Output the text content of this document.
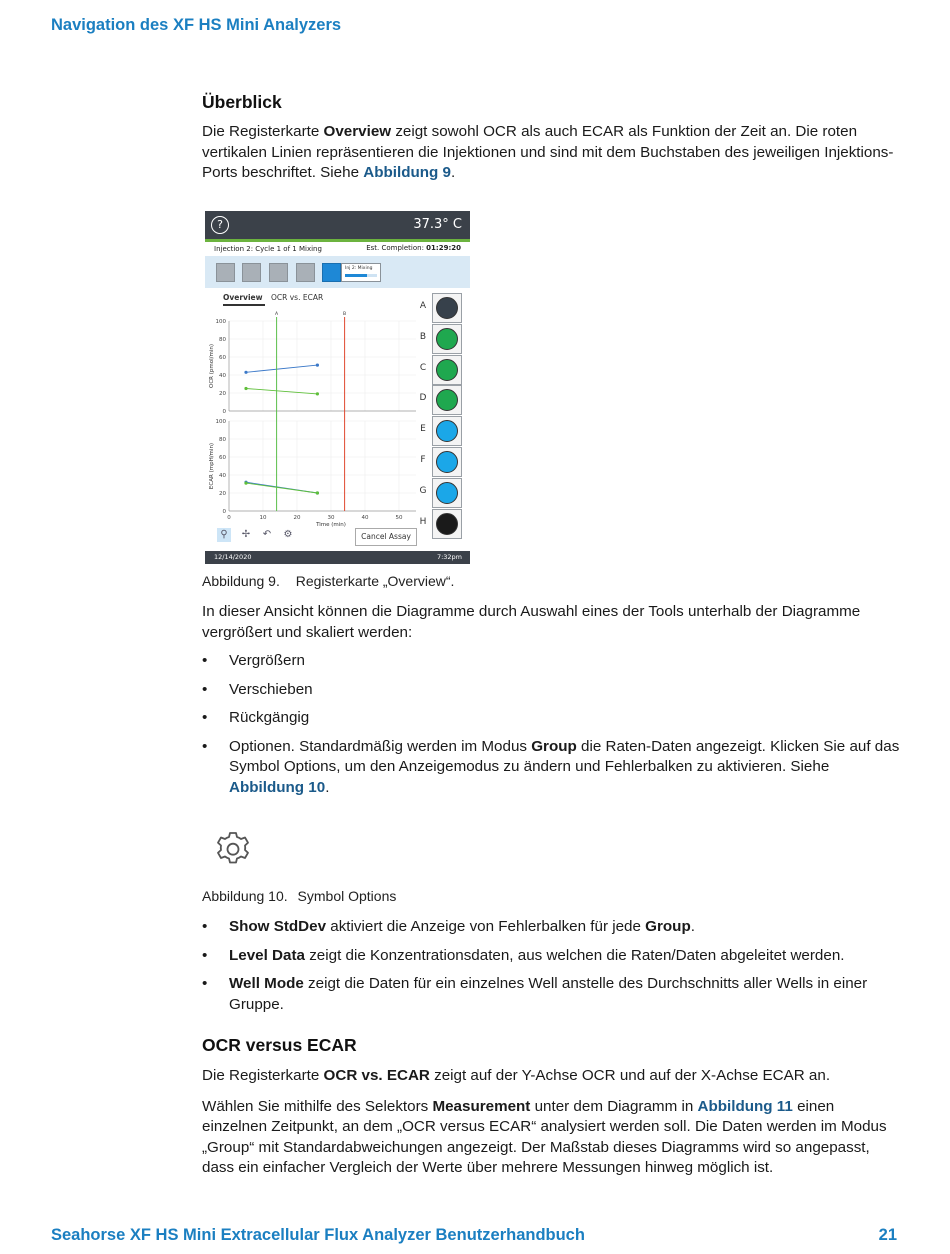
Navigation des XF HS Mini Analyzers
Überblick

Die Registerkarte Overview zeigt sowohl OCR als auch ECAR als Funktion der Zeit an. Die roten vertikalen Linien repräsentieren die Injektionen und sind mit dem Buchstaben des jeweiligen Injektions-Ports beschriftet. Siehe Abbildung 9.

?	37.3° C
Injection 2: Cycle 1 of 1 Mixing	Est. Completion: 01:29:20
Inj 2: Mixing
Overview	OCR vs. ECAR
0
20
40
60
80
100
OCR (pmol/min)
0
20
40
60
80
100
ECAR (mpH/min)
A	B
0	10	20	30	40	50
Time (min)
A
B
C
D
E
F
G
H
⚲	✢ ↶ ⚙	Cancel Assay
12/14/2020	7:32pm
Abbildung 9. Registerkarte „Overview“.

In dieser Ansicht können die Diagramme durch Auswahl eines der Tools unterhalb der Diagramme vergrößert und skaliert werden:

• Vergrößern
• Verschieben
• Rückgängig
• Optionen. Standardmäßig werden im Modus Group die Raten-Daten angezeigt. Klicken Sie auf das Symbol Options, um den Anzeigemodus zu ändern und Fehlerbalken zu aktivieren. Siehe Abbildung 10.
Abbildung 10. Symbol Options
• Show StdDev aktiviert die Anzeige von Fehlerbalken für jede Group.
• Level Data zeigt die Konzentrationsdaten, aus welchen die Raten/Daten abgeleitet werden.
• Well Mode zeigt die Daten für ein einzelnes Well anstelle des Durchschnitts aller Wells in einer Gruppe.
OCR versus ECAR

Die Registerkarte OCR vs. ECAR zeigt auf der Y-Achse OCR und auf der X-Achse ECAR an.

Wählen Sie mithilfe des Selektors Measurement unter dem Diagramm in Abbildung 11 einen einzelnen Zeitpunkt, an dem „OCR versus ECAR“ analysiert werden soll. Die Daten werden im Modus „Group“ mit Standardabweichungen angezeigt. Der Maßstab dieses Diagramms wird so angepasst, dass ein einfacher Vergleich der Werte über mehrere Messungen hinweg möglich ist.

Seahorse XF HS Mini Extracellular Flux Analyzer Benutzerhandbuch	21
